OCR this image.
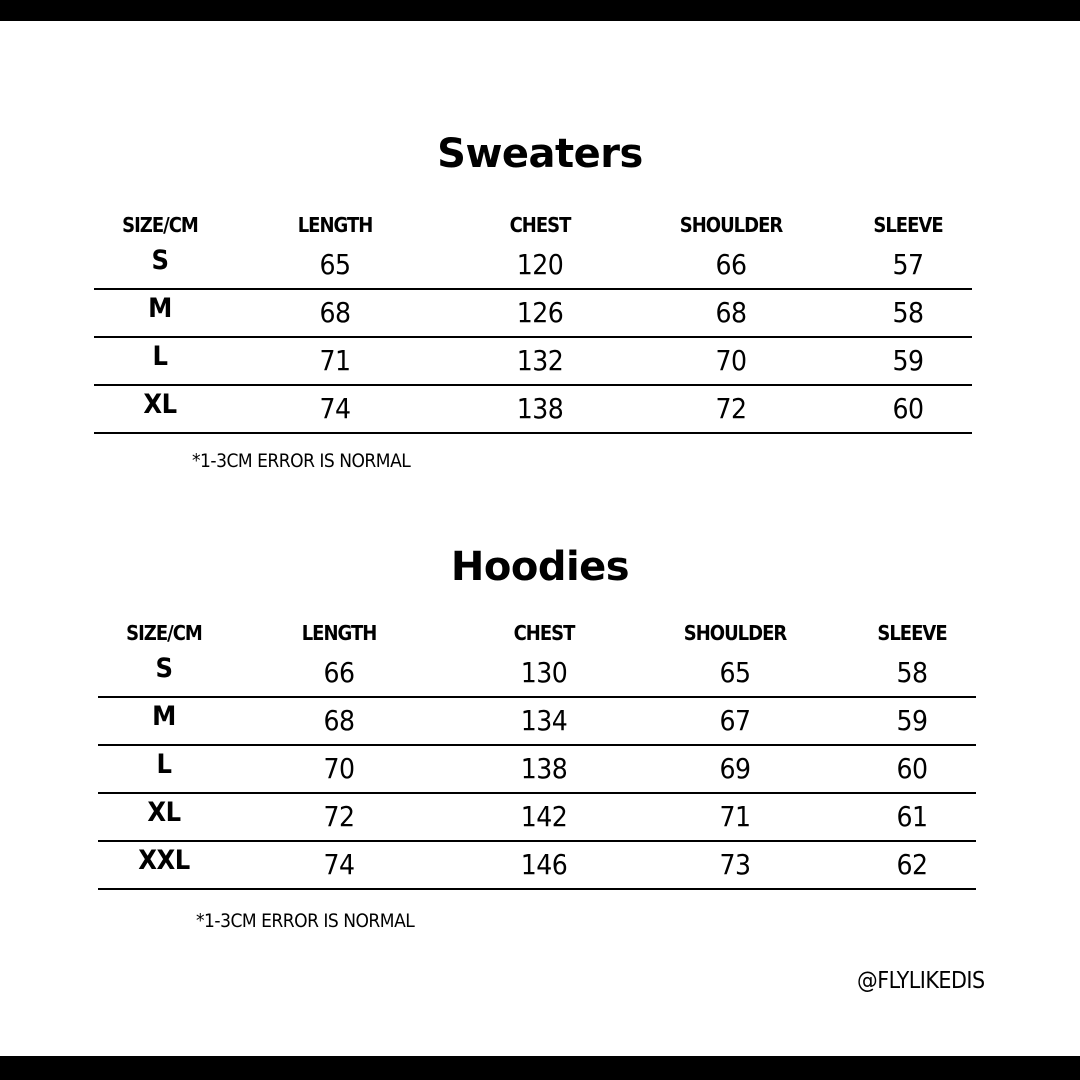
Sweaters
SIZE/CM	LENGTH	CHEST	SHOULDER	SLEEVE
S	65	120	66	57
M	68	126	68	58
L	71	132	70	59
XL	74	138	72	60
*1-3CM ERROR IS NORMAL
Hoodies
SIZE/CM	LENGTH	CHEST	SHOULDER	SLEEVE
S	66	130	65	58
M	68	134	67	59
L	70	138	69	60
XL	72	142	71	61
XXL	74	146	73	62
*1-3CM ERROR IS NORMAL
@FLYLIKEDIS
